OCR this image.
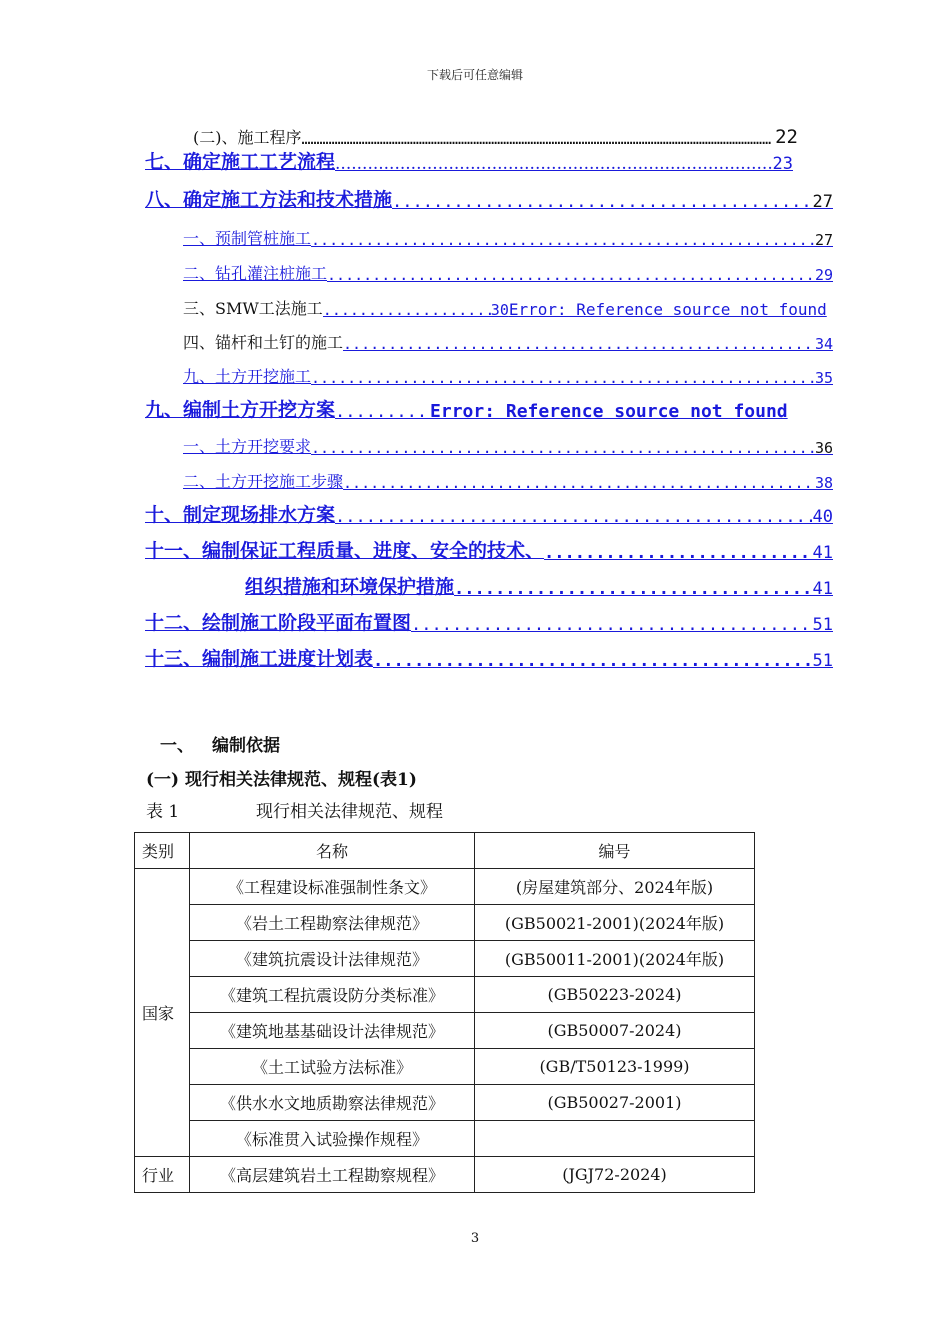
下载后可任意编辑
(二)、施工程序 …………………………………………………………………………………………………………………………………………	22
七、确定施工工艺流程 .....	23
八、确定施工方法和技术措施 .....	27
一、预制管桩施工 .....	27
二、钻孔灌注桩施工 .....	29
三、SMW工法施工 .....	30 Error: Reference source not found
四、锚杆和土钉的施工 .....	34
九、土方开挖施工 .....	35
九、编制土方开挖方案 .....	Error: Reference source not found
一、土方开挖要求 .....	36
二、土方开挖施工步骤 .....	38
十、制定现场排水方案 .....	40
十一、编制保证工程质量、进度、安全的技术、 .....	41
组织措施和环境保护措施 .....	41
十二、绘制施工阶段平面布置图 .....	51
十三、编制施工进度计划表 .....	51
一、 编制依据
(一) 现行相关法律规范、规程(表1)
表 1	现行相关法律规范、规程
类别	名称	编号
国家	《工程建设标准强制性条文》	(房屋建筑部分、2024年版)
	《岩土工程勘察法律规范》	(GB50021-2001)(2024年版)
	《建筑抗震设计法律规范》	(GB50011-2001)(2024年版)
	《建筑工程抗震设防分类标准》	(GB50223-2024)
	《建筑地基基础设计法律规范》	(GB50007-2024)
	《土工试验方法标准》	(GB/T50123-1999)
	《供水水文地质勘察法律规范》	(GB50027-2001)
	《标准贯入试验操作规程》	
行业	《高层建筑岩土工程勘察规程》	(JGJ72-2024)
3
